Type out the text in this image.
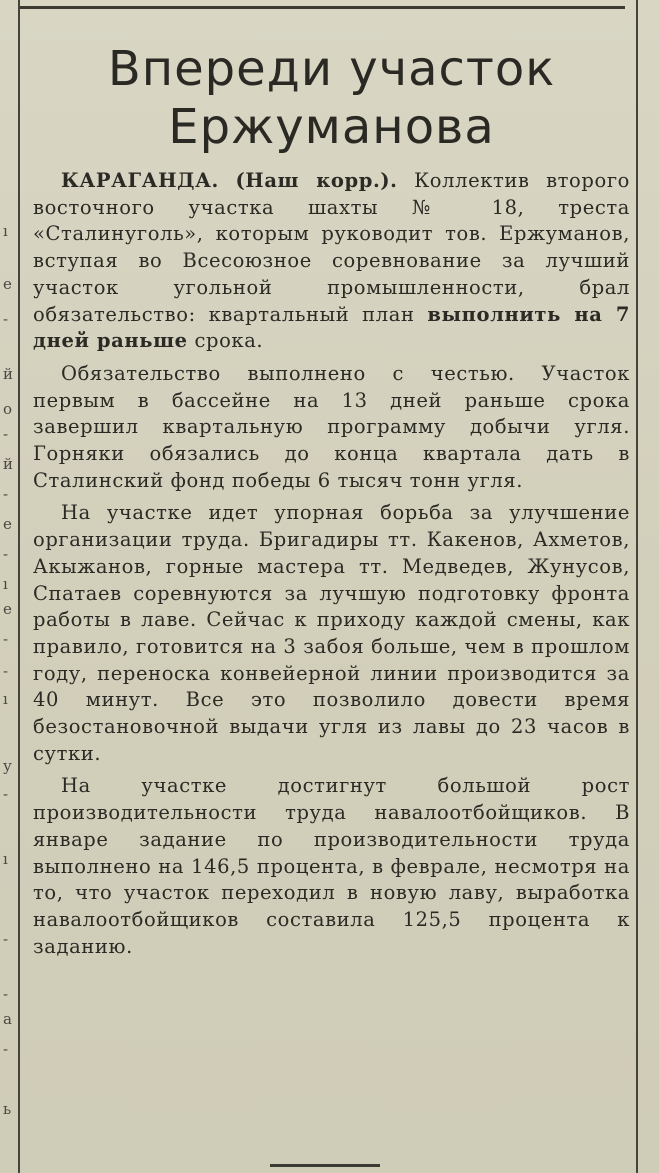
ı
е
-
й
о
-
й
-
е
-
ı
е
-
-
ı
у
-
ı
-
-
а
-
ь
Впереди участок Ержуманова

КАРАГАНДА. (Наш корр.). Коллектив второго восточного участка шахты № 18, треста «Сталинуголь», которым руководит тов. Ержуманов, вступая во Всесоюзное соревнование за лучший участок угольной промышленности, брал обязательство: квартальный план выполнить на 7 дней раньше срока.

Обязательство выполнено с честью. Участок первым в бассейне на 13 дней раньше срока завершил квартальную программу добычи угля. Горняки обязались до конца квартала дать в Сталинский фонд победы 6 тысяч тонн угля.

На участке идет упорная борьба за улучшение организации труда. Бригадиры тт. Какенов, Ахметов, Акыжанов, горные мастера тт. Медведев, Жунусов, Спатаев соревнуются за лучшую подготовку фронта работы в лаве. Сейчас к приходу каждой смены, как правило, готовится на 3 забоя больше, чем в прошлом году, переноска конвейерной линии производится за 40 минут. Все это позволило довести время безостановочной выдачи угля из лавы до 23 часов в сутки.

На участке достигнут большой рост производительности труда навалоотбойщиков. В январе задание по производительности труда выполнено на 146,5 процента, в феврале, несмотря на то, что участок переходил в новую лаву, выработка навалоотбойщиков составила 125,5 процента к заданию.
